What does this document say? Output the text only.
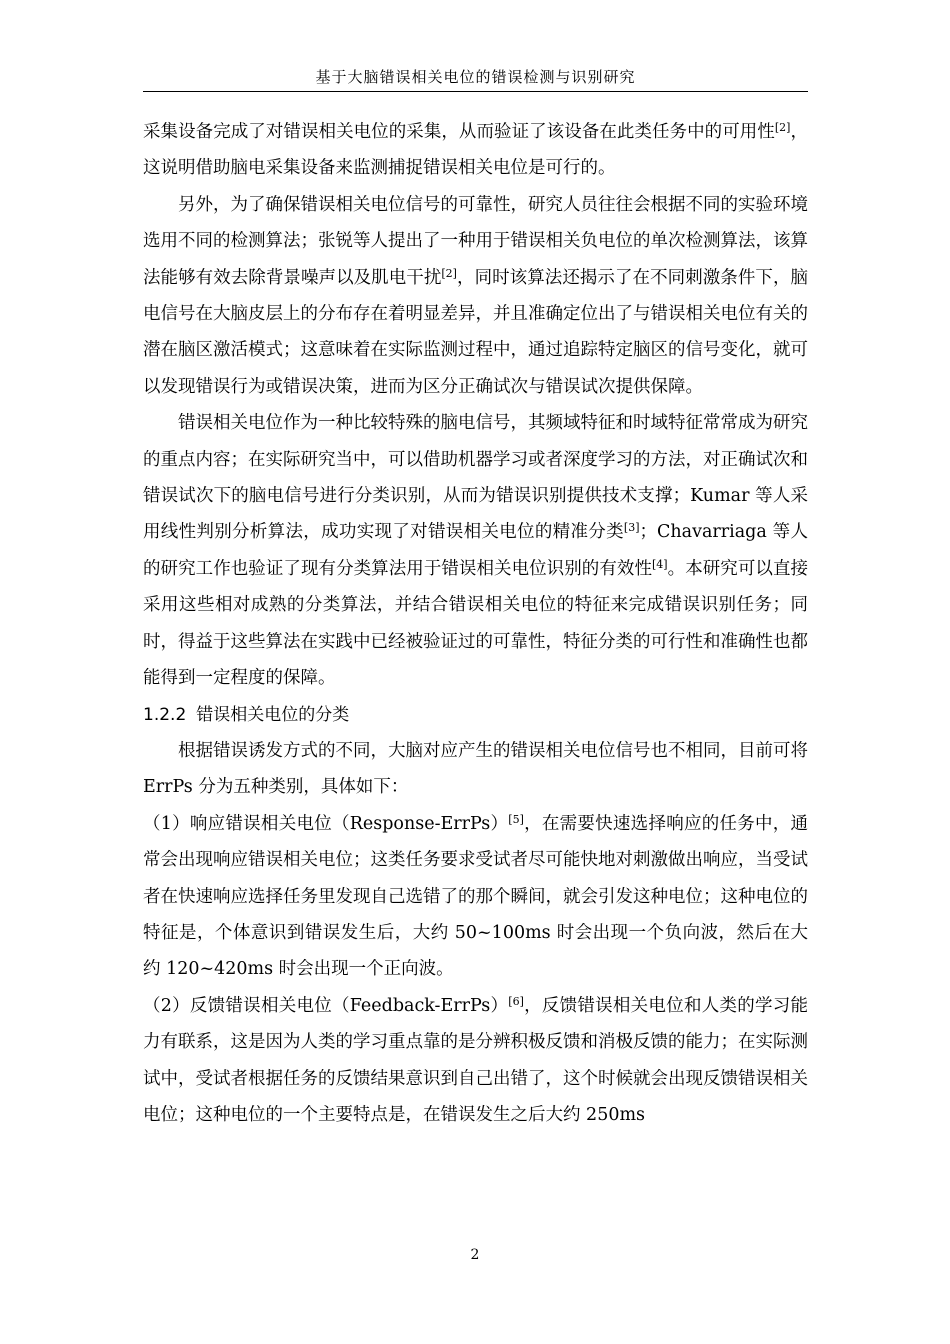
基于大脑错误相关电位的错误检测与识别研究

采集设备完成了对错误相关电位的采集，从而验证了该设备在此类任务中的可用性[2]，这说明借助脑电采集设备来监测捕捉错误相关电位是可行的。

另外，为了确保错误相关电位信号的可靠性，研究人员往往会根据不同的实验环境选用不同的检测算法；张锐等人提出了一种用于错误相关负电位的单次检测算法，该算法能够有效去除背景噪声以及肌电干扰[2]，同时该算法还揭示了在不同刺激条件下，脑电信号在大脑皮层上的分布存在着明显差异，并且准确定位出了与错误相关电位有关的潜在脑区激活模式；这意味着在实际监测过程中，通过追踪特定脑区的信号变化，就可以发现错误行为或错误决策，进而为区分正确试次与错误试次提供保障。

错误相关电位作为一种比较特殊的脑电信号，其频域特征和时域特征常常成为研究的重点内容；在实际研究当中，可以借助机器学习或者深度学习的方法，对正确试次和错误试次下的脑电信号进行分类识别，从而为错误识别提供技术支撑；Kumar 等人采用线性判别分析算法，成功实现了对错误相关电位的精准分类[3]；Chavarriaga 等人的研究工作也验证了现有分类算法用于错误相关电位识别的有效性[4]。本研究可以直接采用这些相对成熟的分类算法，并结合错误相关电位的特征来完成错误识别任务；同时，得益于这些算法在实践中已经被验证过的可靠性，特征分类的可行性和准确性也都能得到一定程度的保障。

1.2.2 错误相关电位的分类

根据错误诱发方式的不同，大脑对应产生的错误相关电位信号也不相同，目前可将 ErrPs 分为五种类别，具体如下：

（1）响应错误相关电位（Response-ErrPs）[5]，在需要快速选择响应的任务中，通常会出现响应错误相关电位；这类任务要求受试者尽可能快地对刺激做出响应，当受试者在快速响应选择任务里发现自己选错了的那个瞬间，就会引发这种电位；这种电位的特征是，个体意识到错误发生后，大约 50~100ms 时会出现一个负向波，然后在大约 120~420ms 时会出现一个正向波。

（2）反馈错误相关电位（Feedback-ErrPs）[6]，反馈错误相关电位和人类的学习能力有联系，这是因为人类的学习重点靠的是分辨积极反馈和消极反馈的能力；在实际测试中，受试者根据任务的反馈结果意识到自己出错了，这个时候就会出现反馈错误相关电位；这种电位的一个主要特点是，在错误发生之后大约 250ms

2
